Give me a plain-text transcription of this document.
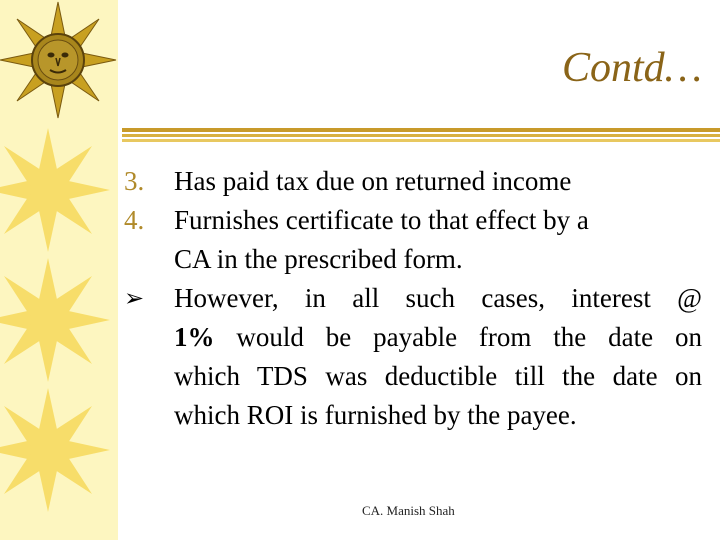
Contd…
3. Has paid tax due on returned income
4. Furnishes certificate to that effect by a
CA in the prescribed form.
➢ However, in all such cases, interest @
1% would be payable from the date on
which TDS was deductible till the date on
which ROI is furnished by the payee.
CA. Manish Shah
